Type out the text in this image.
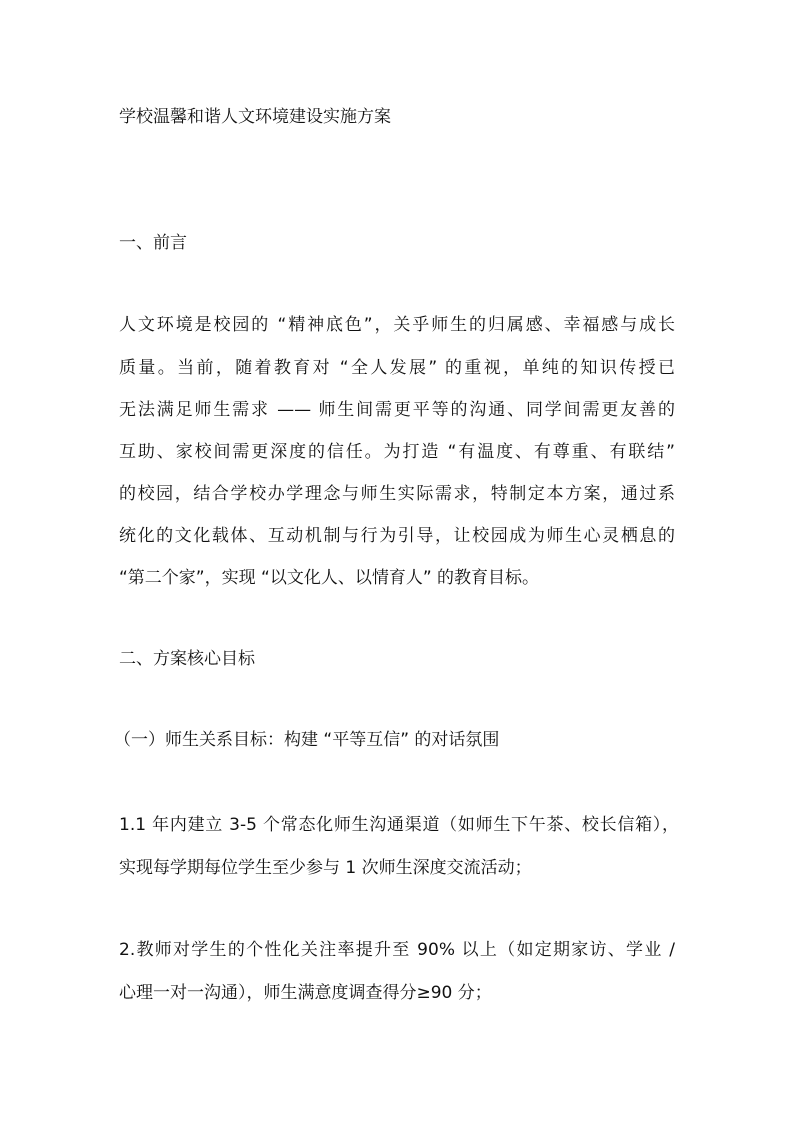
学校温馨和谐人文环境建设实施方案
一、前言
人文环境是校园的 “精神底色”，关乎师生的归属感、幸福感与成长
质量。当前，随着教育对 “全人发展” 的重视，单纯的知识传授已
无法满足师生需求 —— 师生间需更平等的沟通、同学间需更友善的
互助、家校间需更深度的信任。为打造 “有温度、有尊重、有联结”
的校园，结合学校办学理念与师生实际需求，特制定本方案，通过系
统化的文化载体、互动机制与行为引导，让校园成为师生心灵栖息的
“第二个家”，实现 “以文化人、以情育人” 的教育目标。
二、方案核心目标
（一）师生关系目标：构建 “平等互信” 的对话氛围
1.1 年内建立 3-5 个常态化师生沟通渠道（如师生下午茶、校长信箱），
实现每学期每位学生至少参与 1 次师生深度交流活动；
2.教师对学生的个性化关注率提升至 90% 以上（如定期家访、学业 /
心理一对一沟通），师生满意度调查得分≥90 分；
